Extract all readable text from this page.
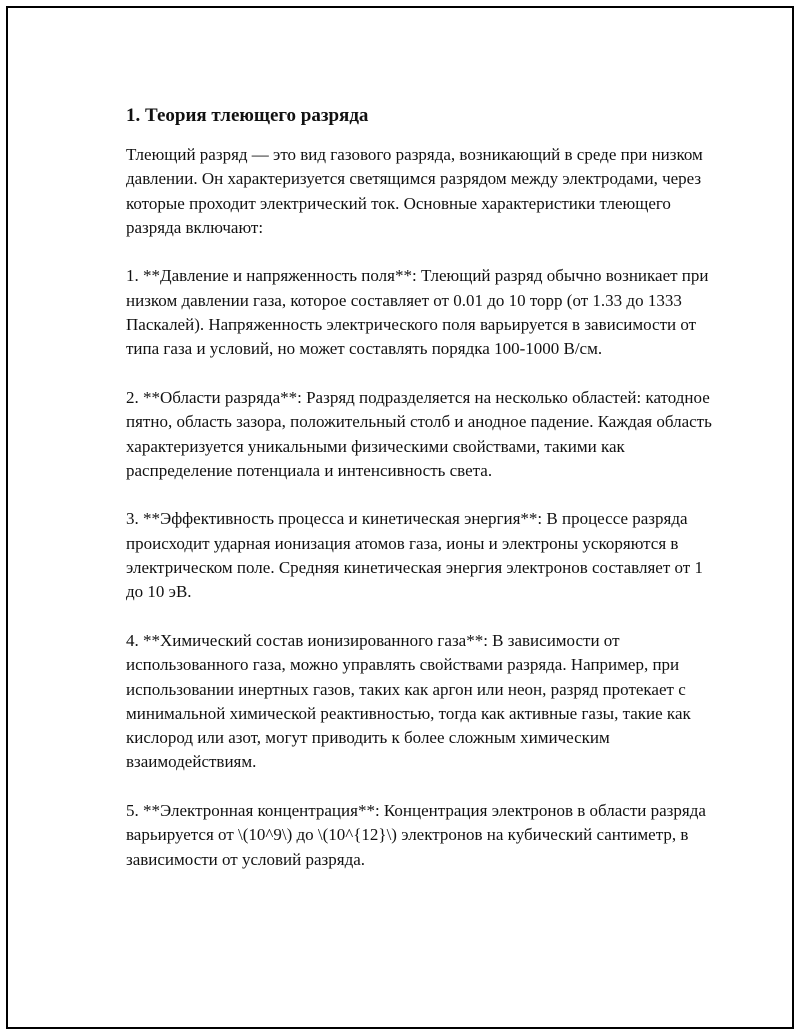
1. Теория тлеющего разряда

Тлеющий разряд — это вид газового разряда, возникающий в среде при низком давлении. Он характеризуется светящимся разрядом между электродами, через которые проходит электрический ток. Основные характеристики тлеющего разряда включают:

1. **Давление и напряженность поля**: Тлеющий разряд обычно возникает при низком давлении газа, которое составляет от 0.01 до 10 торр (от 1.33 до 1333 Паскалей). Напряженность электрического поля варьируется в зависимости от типа газа и условий, но может составлять порядка 100-1000 В/см.

2. **Области разряда**: Разряд подразделяется на несколько областей: катодное пятно, область зазора, положительный столб и анодное падение. Каждая область характеризуется уникальными физическими свойствами, такими как распределение потенциала и интенсивность света.

3. **Эффективность процесса и кинетическая энергия**: В процессе разряда происходит ударная ионизация атомов газа, ионы и электроны ускоряются в электрическом поле. Средняя кинетическая энергия электронов составляет от 1 до 10 эВ.

4. **Химический состав ионизированного газа**: В зависимости от использованного газа, можно управлять свойствами разряда. Например, при использовании инертных газов, таких как аргон или неон, разряд протекает с минимальной химической реактивностью, тогда как активные газы, такие как кислород или азот, могут приводить к более сложным химическим взаимодействиям.

5. **Электронная концентрация**: Концентрация электронов в области разряда варьируется от \(10^9\) до \(10^{12}\) электронов на кубический сантиметр, в зависимости от условий разряда.
